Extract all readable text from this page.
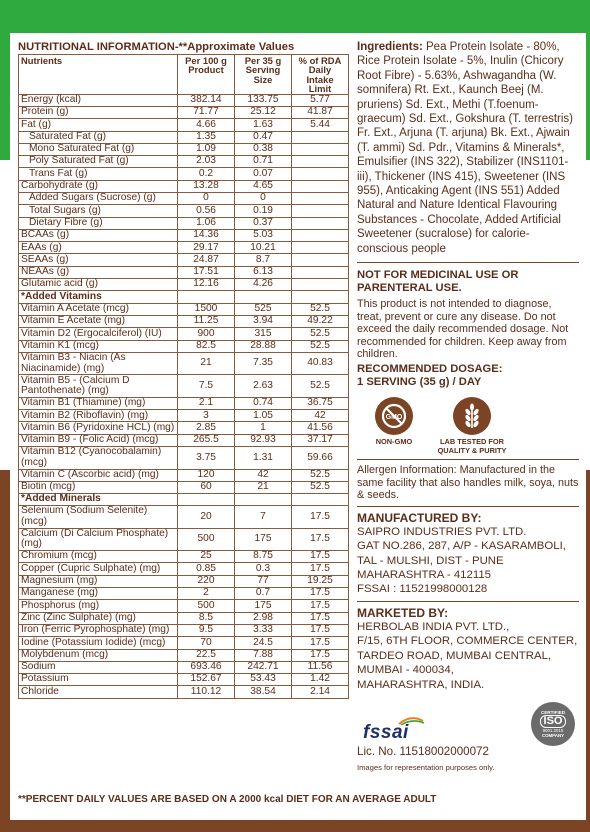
NUTRITIONAL INFORMATION-**Approximate Values
Nutrients	Per 100 g Product	Per 35 g Serving Size	% of RDA Daily Intake Limit
Energy (kcal)	382.14	133.75	5.77
Protein (g)	71.77	25.12	41.87
Fat (g)	4.66	1.63	5.44
Saturated Fat (g)	1.35	0.47	
Mono Saturated Fat (g)	1.09	0.38	
Poly Saturated Fat (g)	2.03	0.71	
Trans Fat (g)	0.2	0.07	
Carbohydrate (g)	13.28	4.65	
Added Sugars (Sucrose) (g)	0	0	
Total Sugars (g)	0.56	0.19	
Dietary Fibre (g)	1.06	0.37	
BCAAs (g)	14.36	5.03	
EAAs (g)	29.17	10.21	
SEAAs (g)	24.87	8.7	
NEAAs (g)	17.51	6.13	
Glutamic acid (g)	12.16	4.26	
*Added Vitamins			
Vitamin A Acetate (mcg)	1500	525	52.5
Vitamin E Acetate (mg)	11.25	3.94	49.22
Vitamin D2 (Ergocalciferol) (IU)	900	315	52.5
Vitamin K1 (mcg)	82.5	28.88	52.5
Vitamin B3 - Niacin (As Niacinamide) (mg)	21	7.35	40.83
Vitamin B5 - (Calcium D Pantothenate) (mg)	7.5	2.63	52.5
Vitamin B1 (Thiamine) (mg)	2.1	0.74	36.75
Vitamin B2 (Riboflavin) (mg)	3	1.05	42
Vitamin B6 (Pyridoxine HCL) (mg)	2.85	1	41.56
Vitamin B9 - (Folic Acid) (mcg)	265.5	92.93	37.17
Vitamin B12 (Cyanocobalamin) (mcg)	3.75	1.31	59.66
Vitamin C (Ascorbic acid) (mg)	120	42	52.5
Biotin (mcg)	60	21	52.5
*Added Minerals			
Selenium (Sodium Selenite) (mcg)	20	7	17.5
Calcium (Di Calcium Phosphate) (mg)	500	175	17.5
Chromium (mcg)	25	8.75	17.5
Copper (Cupric Sulphate) (mg)	0.85	0.3	17.5
Magnesium (mg)	220	77	19.25
Manganese (mg)	2	0.7	17.5
Phosphorus (mg)	500	175	17.5
Zinc (Zinc Sulphate) (mg)	8.5	2.98	17.5
Iron (Ferric Pyrophosphate) (mg)	9.5	3.33	17.5
Iodine (Potassium Iodide) (mcg)	70	24.5	17.5
Molybdenum (mcg)	22.5	7.88	17.5
Sodium	693.46	242.71	11.56
Potassium	152.67	53.43	1.42
Chloride	110.12	38.54	2.14
**PERCENT DAILY VALUES ARE BASED ON A 2000 kcal DIET FOR AN AVERAGE ADULT
Ingredients: Pea Protein Isolate - 80%, Rice Protein Isolate - 5%, Inulin (Chicory Root Fibre) - 5.63%, Ashwagandha (W. somnifera) Rt. Ext., Kaunch Beej (M. pruriens) Sd. Ext., Methi (T.foenum-graecum) Sd. Ext., Gokshura (T. terrestris) Fr. Ext., Arjuna (T. arjuna) Bk. Ext., Ajwain (T. ammi) Sd. Pdr., Vitamins & Minerals*, Emulsifier (INS 322), Stabilizer (INS1101-iii), Thickener (INS 415), Sweetener (INS 955), Anticaking Agent (INS 551) Added Natural and Nature Identical Flavouring Substances - Chocolate, Added Artificial Sweetener (sucralose) for calorie-conscious people
NOT FOR MEDICINAL USE OR PARENTERAL USE.
This product is not intended to diagnose, treat, prevent or cure any disease. Do not exceed the daily recommended dosage. Not recommended for children. Keep away from children.
RECOMMENDED DOSAGE:
1 SERVING (35 g) / DAY
GMO
NON-GMO	LAB TESTED FOR QUALITY & PURITY
Allergen Information: Manufactured in the same facility that also handles milk, soya, nuts & seeds.
MANUFACTURED BY:
SAIPRO INDUSTRIES PVT. LTD.
GAT NO.286, 287, A/P - KASARAMBOLI,
TAL - MULSHI, DIST - PUNE
MAHARASHTRA - 412115
FSSAI : 11521998000128
MARKETED BY:
HERBOLAB INDIA PVT. LTD.,
F/15, 6TH FLOOR, COMMERCE CENTER,
TARDEO ROAD, MUMBAI CENTRAL,
MUMBAI - 400034,
MAHARASHTRA, INDIA.
fssai
CERTIFIED
ISO
9001:2015
COMPANY
Lic. No. 11518002000072
Images for representation purposes only.
